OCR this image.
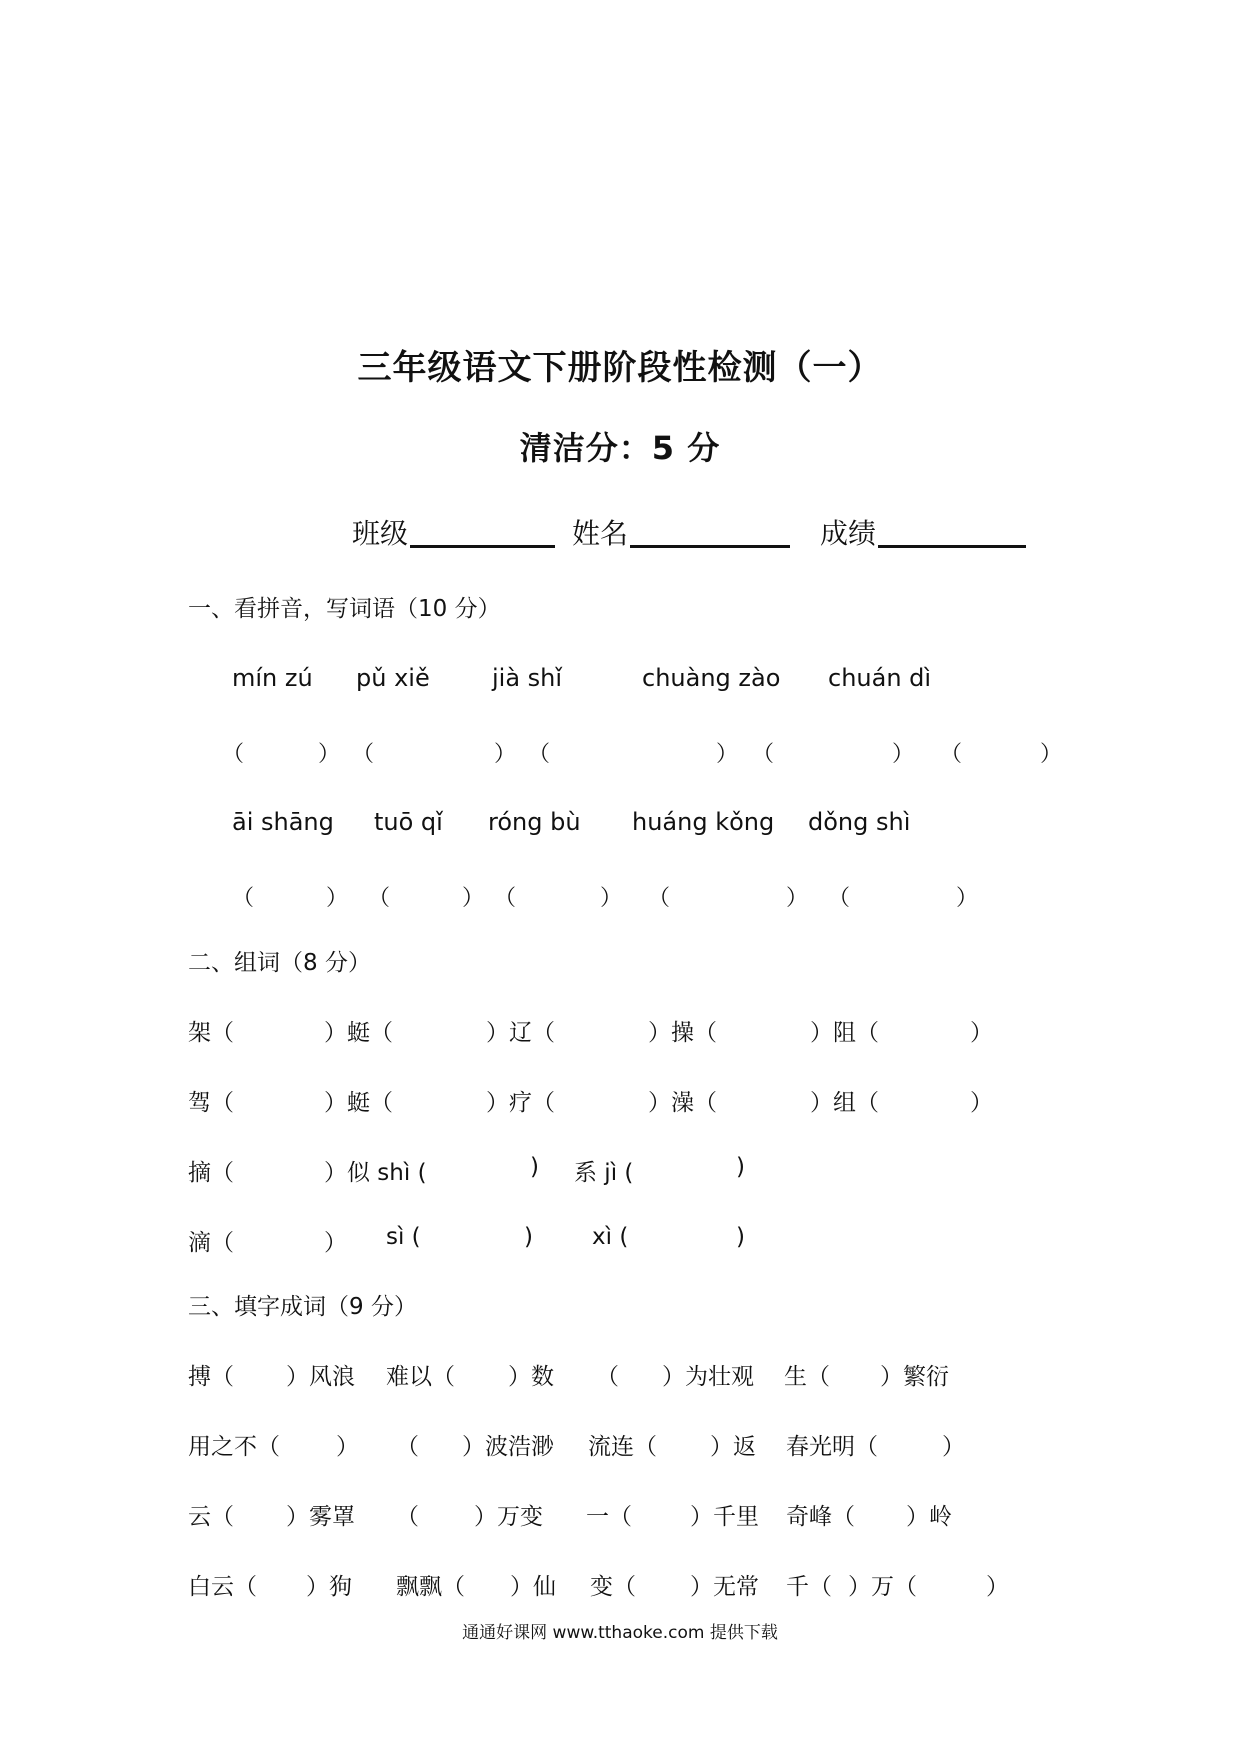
三年级语文下册阶段性检测（一）
清洁分：5 分
班级	姓名	成绩
一、看拼音，写词语（10 分）
mín zú pǔ xiě	jià shǐ	chuàng zào chuán dì
（	） （	） （	） （	） （	）
āi shāng tuō qǐ róng bù huáng kǒng dǒng shì
（	） （	） （	） （	） （	）
二、组词（8 分）
架（	）蜓（	）辽（	）操（	）阻（	）
驾（	）蜓（	）疗（	）澡（	）组（	）
摘（	）似 shì (	) 系 jì (	)
滴（	） sì (	)	xì (	)
三、填字成词（9 分）
搏（ ）风浪 难以（ ）数 （ ）为壮观 生（ ）繁衍
用之不（ ） （ ）波浩渺 流连（ ）返 春光明（	）
云（ ）雾罩 （ ）万变 一（	）千里 奇峰（ ）岭
白云（ ）狗 飘飘（ ）仙 变（ ）无常 千（ ）万（	）
通通好课网 www.tthaoke.com 提供下载
